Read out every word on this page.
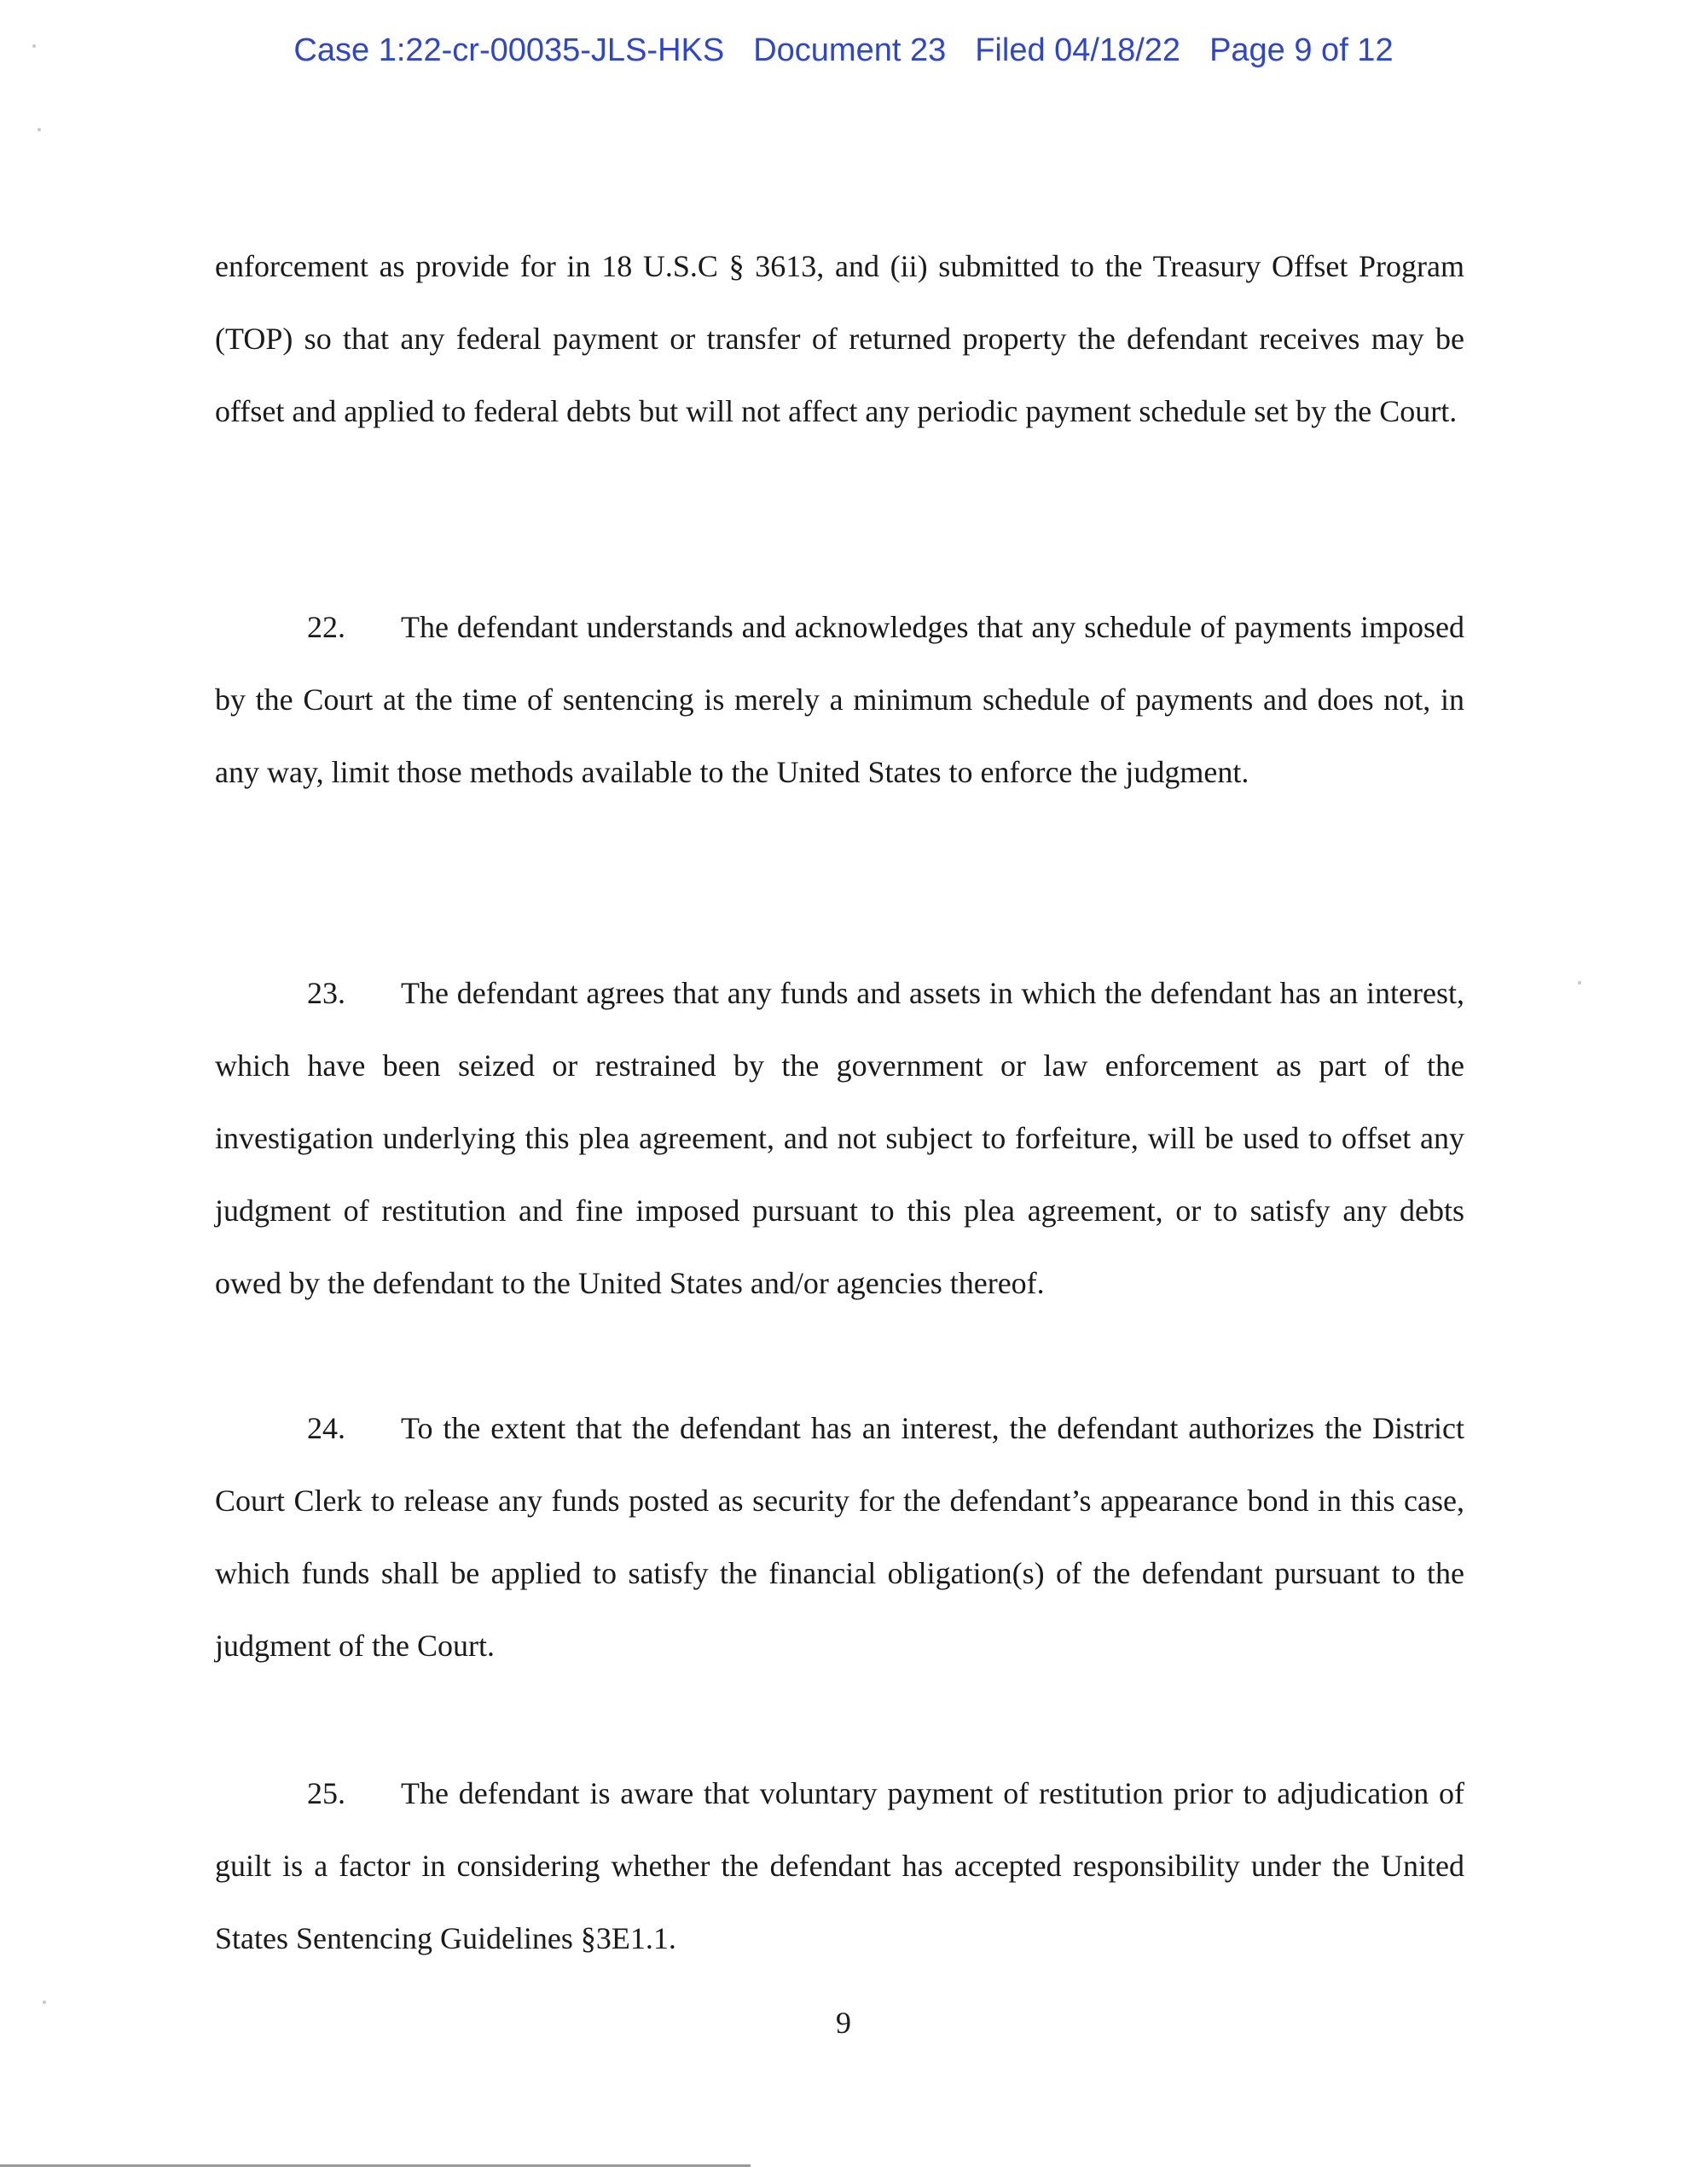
Case 1:22-cr-00035-JLS-HKS Document 23 Filed 04/18/22 Page 9 of 12

enforcement as provide for in 18 U.S.C § 3613, and (ii) submitted to the Treasury Offset Program (TOP) so that any federal payment or transfer of returned property the defendant receives may be offset and applied to federal debts but will not affect any periodic payment schedule set by the Court.

22. The defendant understands and acknowledges that any schedule of payments imposed by the Court at the time of sentencing is merely a minimum schedule of payments and does not, in any way, limit those methods available to the United States to enforce the judgment.

23. The defendant agrees that any funds and assets in which the defendant has an interest, which have been seized or restrained by the government or law enforcement as part of the investigation underlying this plea agreement, and not subject to forfeiture, will be used to offset any judgment of restitution and fine imposed pursuant to this plea agreement, or to satisfy any debts owed by the defendant to the United States and/or agencies thereof.

24. To the extent that the defendant has an interest, the defendant authorizes the District Court Clerk to release any funds posted as security for the defendant’s appearance bond in this case, which funds shall be applied to satisfy the financial obligation(s) of the defendant pursuant to the judgment of the Court.

25. The defendant is aware that voluntary payment of restitution prior to adjudication of guilt is a factor in considering whether the defendant has accepted responsibility under the United States Sentencing Guidelines §3E1.1.

9
